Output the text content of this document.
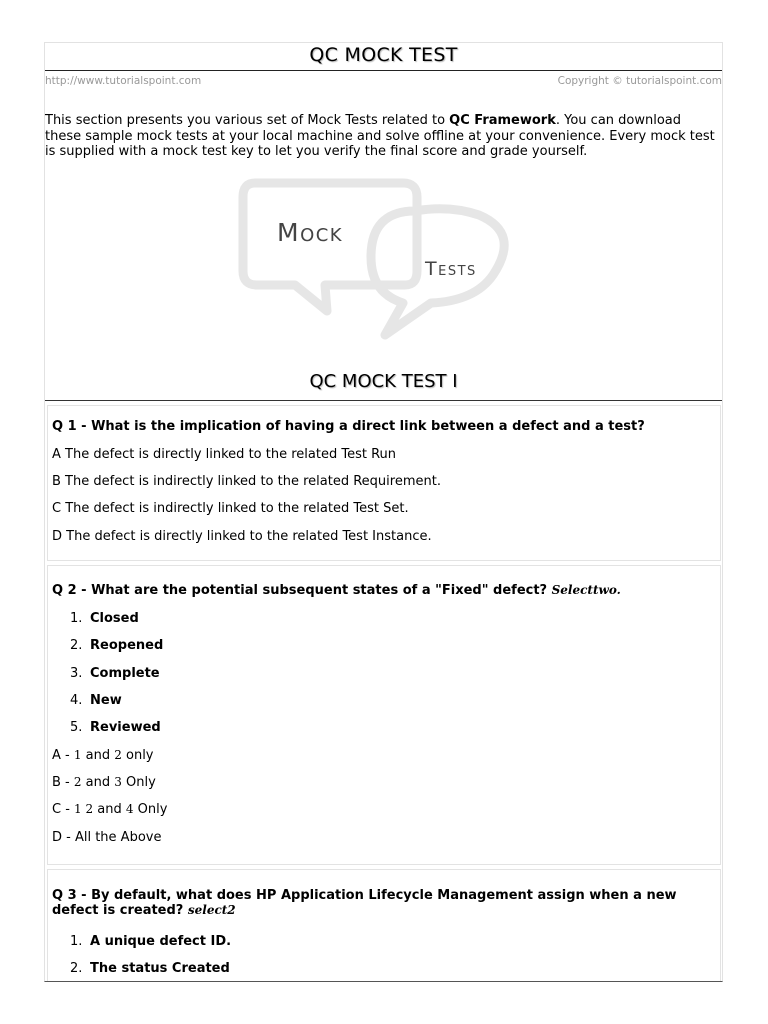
QC MOCK TEST
http://www.tutorialspoint.com	Copyright © tutorialspoint.com
This section presents you various set of Mock Tests related to QC Framework. You can download these sample mock tests at your local machine and solve offline at your convenience. Every mock test is supplied with a mock test key to let you verify the final score and grade yourself.
Mock
Tests
QC MOCK TEST I
Q 1 - What is the implication of having a direct link between a defect and a test?
A The defect is directly linked to the related Test Run
B The defect is indirectly linked to the related Requirement.
C The defect is indirectly linked to the related Test Set.
D The defect is directly linked to the related Test Instance.
Q 2 - What are the potential subsequent states of a "Fixed" defect? Selecttwo.
1. Closed
2. Reopened
3. Complete
4. New
5. Reviewed
A - 1 and 2 only
B - 2 and 3 Only
C - 1 2 and 4 Only
D - All the Above
Q 3 - By default, what does HP Application Lifecycle Management assign when a new
defect is created? select2
1. A unique defect ID.
2. The status Created
